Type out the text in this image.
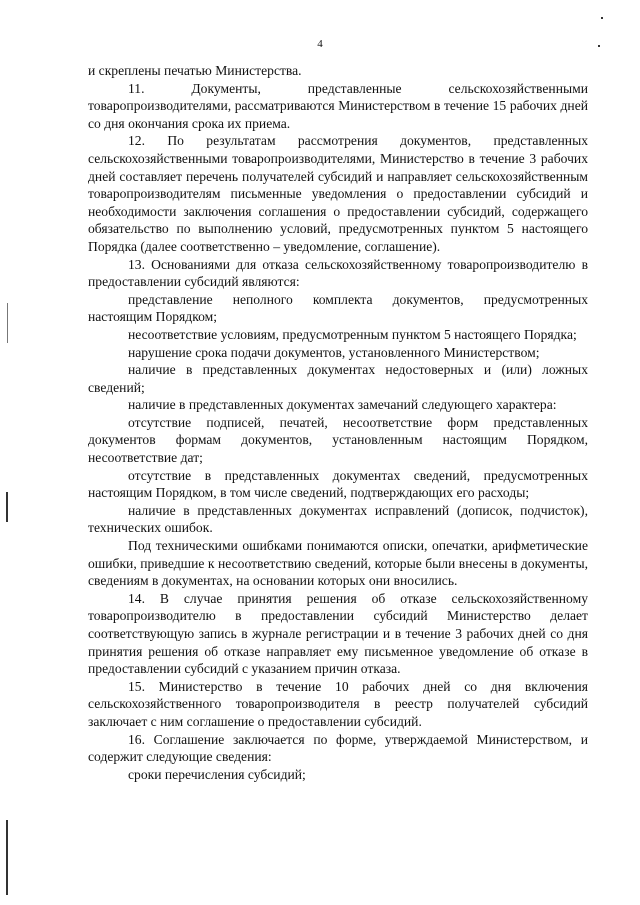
4

и скреплены печатью Министерства.

11. Документы, представленные сельскохозяйственными товаропроизводителями, рассматриваются Министерством в течение 15 рабочих дней со дня окончания срока их приема.

12. По результатам рассмотрения документов, представленных сельскохозяйственными товаропроизводителями, Министерство в течение 3 рабочих дней составляет перечень получателей субсидий и направляет сельскохозяйственным товаропроизводителям письменные уведомления о предоставлении субсидий и необходимости заключения соглашения о предоставлении субсидий, содержащего обязательство по выполнению условий, предусмотренных пунктом 5 настоящего Порядка (далее соответственно – уведомление, соглашение).

13. Основаниями для отказа сельскохозяйственному товаропроизводителю в предоставлении субсидий являются:

представление неполного комплекта документов, предусмотренных настоящим Порядком;

несоответствие условиям, предусмотренным пунктом 5 настоящего Порядка;

нарушение срока подачи документов, установленного Министерством;

наличие в представленных документах недостоверных и (или) ложных сведений;

наличие в представленных документах замечаний следующего характера:

отсутствие подписей, печатей, несоответствие форм представленных документов формам документов, установленным настоящим Порядком, несоответствие дат;

отсутствие в представленных документах сведений, предусмотренных настоящим Порядком, в том числе сведений, подтверждающих его расходы;

наличие в представленных документах исправлений (дописок, подчисток), технических ошибок.

Под техническими ошибками понимаются описки, опечатки, арифметические ошибки, приведшие к несоответствию сведений, которые были внесены в документы, сведениям в документах, на основании которых они вносились.

14. В случае принятия решения об отказе сельскохозяйственному товаропроизводителю в предоставлении субсидий Министерство делает соответствующую запись в журнале регистрации и в течение 3 рабочих дней со дня принятия решения об отказе направляет ему письменное уведомление об отказе в предоставлении субсидий с указанием причин отказа.

15. Министерство в течение 10 рабочих дней со дня включения сельскохозяйственного товаропроизводителя в реестр получателей субсидий заключает с ним соглашение о предоставлении субсидий.

16. Соглашение заключается по форме, утверждаемой Министерством, и содержит следующие сведения:

сроки перечисления субсидий;
